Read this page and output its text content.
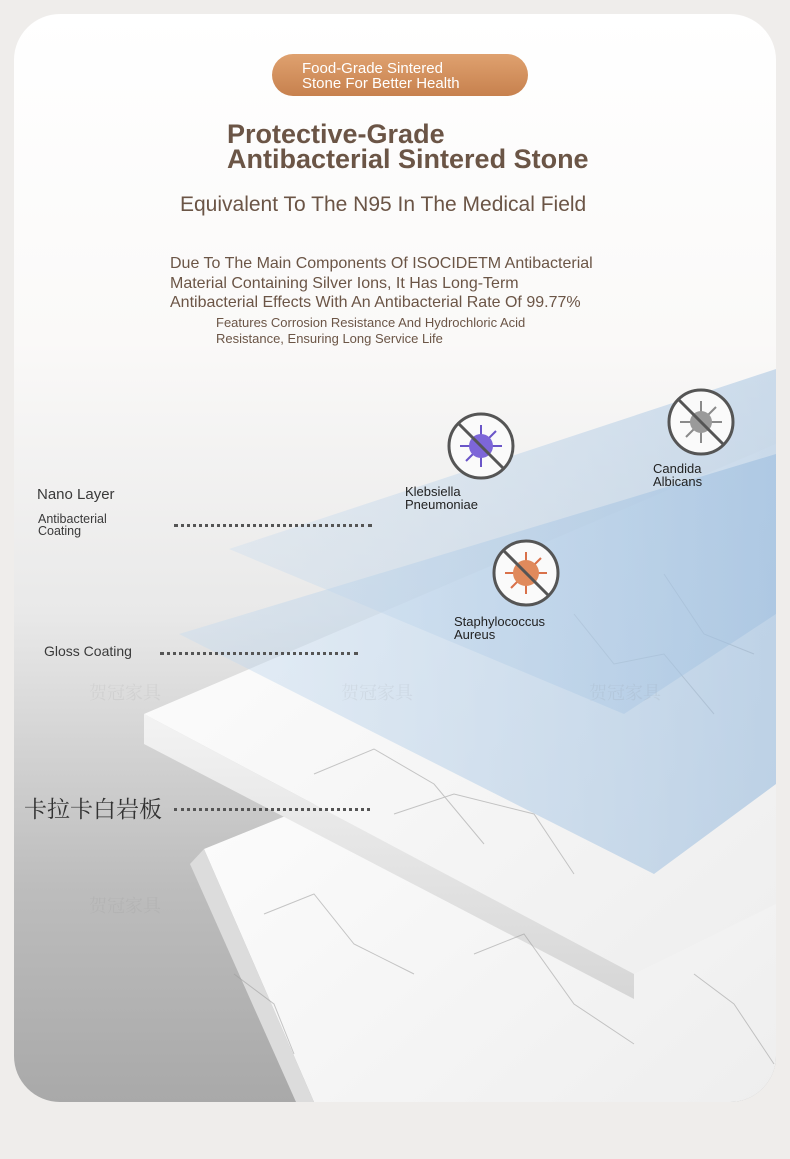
贺冠家具	贺冠家具
贺冠家具
贺冠家具
Food-Grade Sintered
Stone For Better Health
Protective-Grade
Antibacterial Sintered Stone
Equivalent To The N95 In The Medical Field
Due To The Main Components Of ISOCIDETM Antibacterial
Material Containing Silver Ions, It Has Long-Term
Antibacterial Effects With An Antibacterial Rate Of 99.77%
Features Corrosion Resistance And Hydrochloric Acid
Resistance, Ensuring Long Service Life
Nano Layer
Antibacterial
Coating
Gloss Coating
卡拉卡白岩板
Klebsiella
Pneumoniae
Candida
Albicans
Staphylococcus
Aureus
